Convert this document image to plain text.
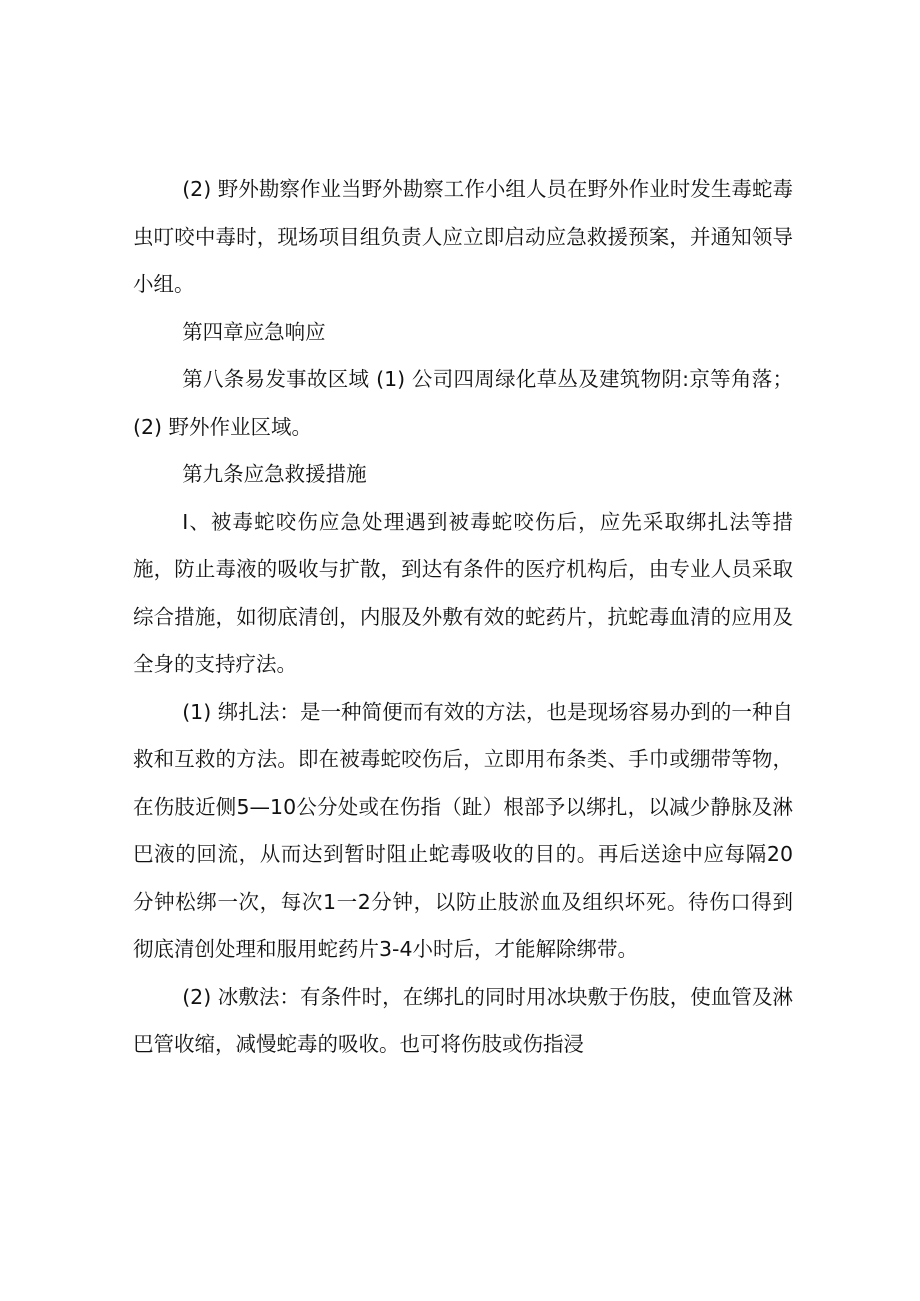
(2) 野外勘察作业当野外勘察工作小组人员在野外作业时发生毒蛇毒虫叮咬中毒时，现场项目组负责人应立即启动应急救援预案，并通知领导小组。

第四章应急响应

第八条易发事故区域 (1) 公司四周绿化草丛及建筑物阴:京等角落； (2) 野外作业区域。

第九条应急救援措施

I、被毒蛇咬伤应急处理遇到被毒蛇咬伤后，应先采取绑扎法等措施，防止毒液的吸收与扩散，到达有条件的医疗机构后，由专业人员采取综合措施，如彻底清创，内服及外敷有效的蛇药片，抗蛇毒血清的应用及全身的支持疗法。

(1) 绑扎法：是一种简便而有效的方法，也是现场容易办到的一种自救和互救的方法。即在被毒蛇咬伤后，立即用布条类、手巾或绷带等物，在伤肢近侧5—10公分处或在伤指（趾）根部予以绑扎，以减少静脉及淋巴液的回流，从而达到暂时阻止蛇毒吸收的目的。再后送途中应每隔20分钟松绑一次，每次1一2分钟，以防止肢淤血及组织坏死。待伤口得到彻底清创处理和服用蛇药片3-4小时后，才能解除绑带。

(2) 冰敷法：有条件时，在绑扎的同时用冰块敷于伤肢，使血管及淋巴管收缩，减慢蛇毒的吸收。也可将伤肢或伤指浸
